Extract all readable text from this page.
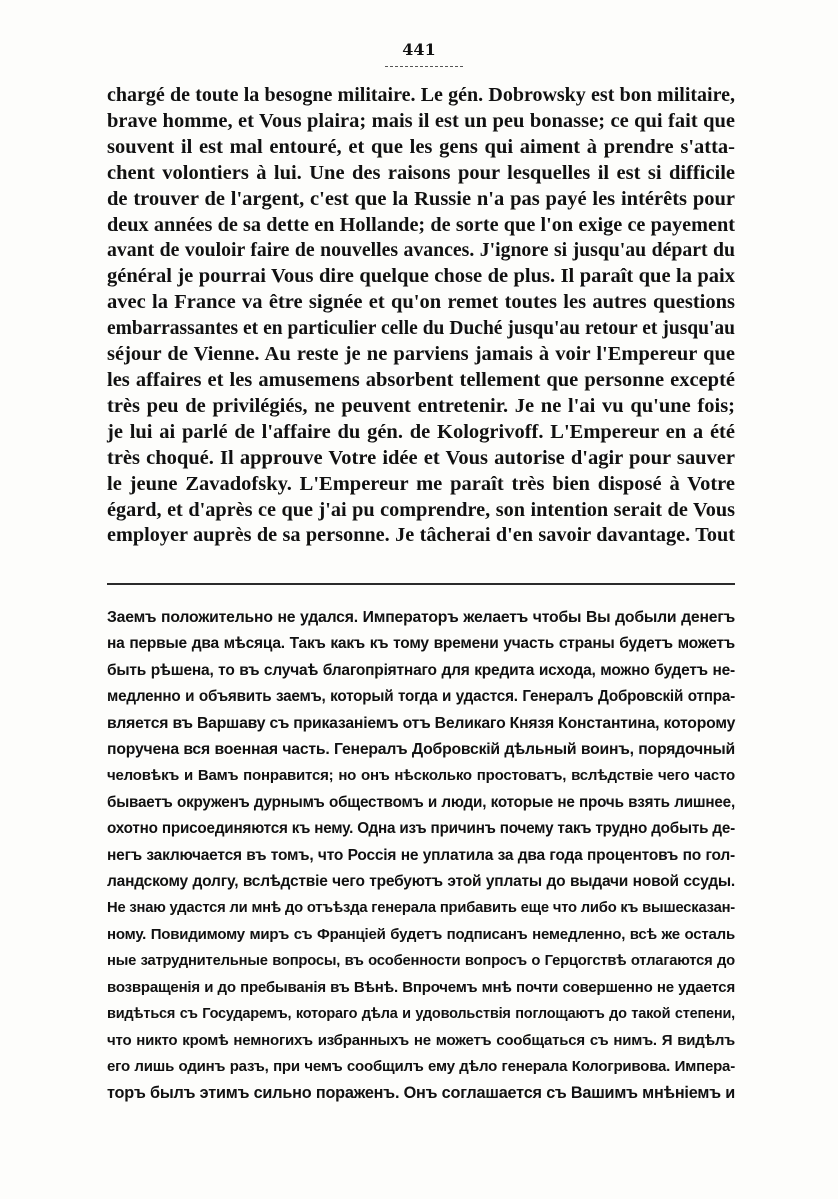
441
chargé de toute la besogne militaire. Le gén. Dobrowsky est bon militaire,
brave homme, et Vous plaira; mais il est un peu bonasse; ce qui fait que
souvent il est mal entouré, et que les gens qui aiment à prendre s'atta-
chent volontiers à lui. Une des raisons pour lesquelles il est si difficile
de trouver de l'argent, c'est que la Russie n'a pas payé les intérêts pour
deux années de sa dette en Hollande; de sorte que l'on exige ce payement
avant de vouloir faire de nouvelles avances. J'ignore si jusqu'au départ du
général je pourrai Vous dire quelque chose de plus. Il paraît que la paix
avec la France va être signée et qu'on remet toutes les autres questions
embarrassantes et en particulier celle du Duché jusqu'au retour et jusqu'au
séjour de Vienne. Au reste je ne parviens jamais à voir l'Empereur que
les affaires et les amusemens absorbent tellement que personne excepté
très peu de privilégiés, ne peuvent entretenir. Je ne l'ai vu qu'une fois;
je lui ai parlé de l'affaire du gén. de Kologrivoff. L'Empereur en a été
très choqué. Il approuve Votre idée et Vous autorise d'agir pour sauver
le jeune Zavadofsky. L'Empereur me paraît très bien disposé à Votre
égard, et d'après ce que j'ai pu comprendre, son intention serait de Vous
employer auprès de sa personne. Je tâcherai d'en savoir davantage. Tout
Заемъ положительно не удался. Императоръ желаетъ чтобы Вы добыли денегъ
на первые два мѣсяца. Такъ какъ къ тому времени участь страны будетъ можетъ
быть рѣшена, то въ случаѣ благопріятнаго для кредита исхода, можно будетъ не-
медленно и объявить заемъ, который тогда и удастся. Генералъ Добровскій отпра-
вляется въ Варшаву съ приказаніемъ отъ Великаго Князя Константина, которому
поручена вся военная часть. Генералъ Добровскій дѣльный воинъ, порядочный
человѣкъ и Вамъ понравится; но онъ нѣсколько простоватъ, вслѣдствіе чего часто
бываетъ окруженъ дурнымъ обществомъ и люди, которые не прочь взять лишнее,
охотно присоединяются къ нему. Одна изъ причинъ почему такъ трудно добыть де-
негъ заключается въ томъ, что Россія не уплатила за два года процентовъ по гол-
ландскому долгу, вслѣдствіе чего требуютъ этой уплаты до выдачи новой ссуды.
Не знаю удастся ли мнѣ до отъѣзда генерала прибавить еще что либо къ вышесказан-
ному. Повидимому миръ съ Францiей будетъ подписанъ немедленно, всѣ же осталь
ные затруднительные вопросы, въ особенности вопросъ о Герцогствѣ отлагаются до
возвращенія и до пребыванія въ Вѣнѣ. Впрочемъ мнѣ почти совершенно не удается
видѣться съ Государемъ, котораго дѣла и удовольствія поглощаютъ до такой степени,
что никто кромѣ немногихъ избранныхъ не можетъ сообщаться съ нимъ. Я видѣлъ
его лишь одинъ разъ, при чемъ сообщилъ ему дѣло генерала Кологривова. Импера-
торъ былъ этимъ сильно пораженъ. Онъ соглашается съ Вашимъ мнѣніемъ и
